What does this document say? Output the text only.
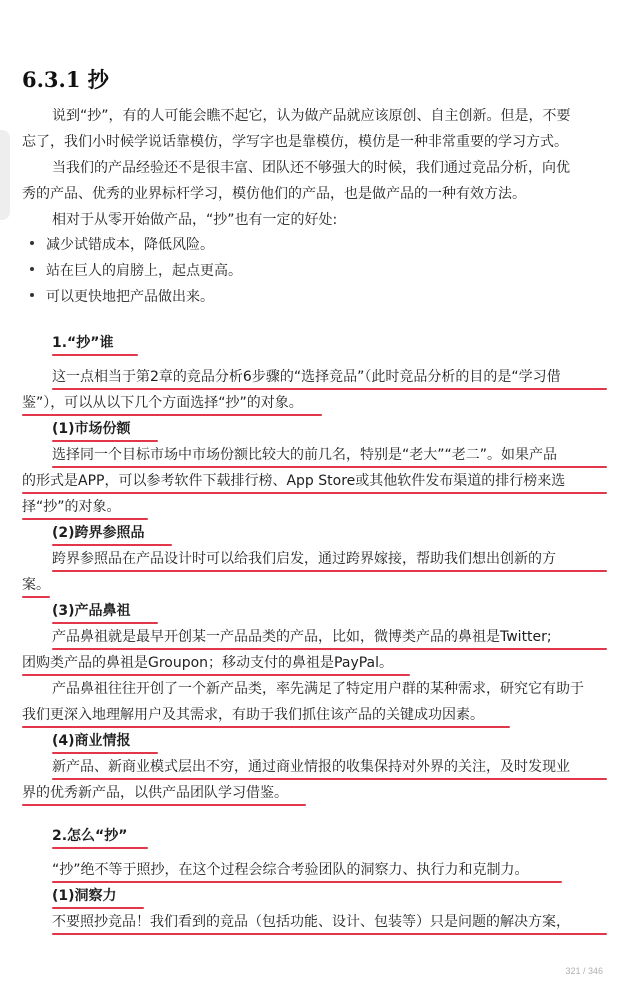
6.3.1 抄
说到“抄”，有的人可能会瞧不起它，认为做产品就应该原创、自主创新。但是，不要
忘了，我们小时候学说话靠模仿，学写字也是靠模仿，模仿是一种非常重要的学习方式。
当我们的产品经验还不是很丰富、团队还不够强大的时候，我们通过竞品分析，向优
秀的产品、优秀的业界标杆学习，模仿他们的产品，也是做产品的一种有效方法。
相对于从零开始做产品，“抄”也有一定的好处:
减少试错成本，降低风险。
站在巨人的肩膀上，起点更高。
可以更快地把产品做出来。
1.“抄”谁
这一点相当于第2章的竞品分析6步骤的“选择竞品”（此时竞品分析的目的是“学习借
鉴”），可以从以下几个方面选择“抄”的对象。
(1)市场份额
选择同一个目标市场中市场份额比较大的前几名，特别是“老大”“老二”。如果产品
的形式是APP，可以参考软件下载排行榜、App Store或其他软件发布渠道的排行榜来选
择“抄”的对象。
(2)跨界参照品
跨界参照品在产品设计时可以给我们启发，通过跨界嫁接，帮助我们想出创新的方
案。
(3)产品鼻祖
产品鼻祖就是最早开创某一产品品类的产品，比如，微博类产品的鼻祖是Twitter;
团购类产品的鼻祖是Groupon；移动支付的鼻祖是PayPal。
产品鼻祖往往开创了一个新产品类，率先满足了特定用户群的某种需求，研究它有助于
我们更深入地理解用户及其需求，有助于我们抓住该产品的关键成功因素。
(4)商业情报
新产品、新商业模式层出不穷，通过商业情报的收集保持对外界的关注，及时发现业
界的优秀新产品，以供产品团队学习借鉴。
2.怎么“抄”
“抄”绝不等于照抄，在这个过程会综合考验团队的洞察力、执行力和克制力。
(1)洞察力
不要照抄竞品！我们看到的竞品（包括功能、设计、包装等）只是问题的解决方案，
321 / 346
